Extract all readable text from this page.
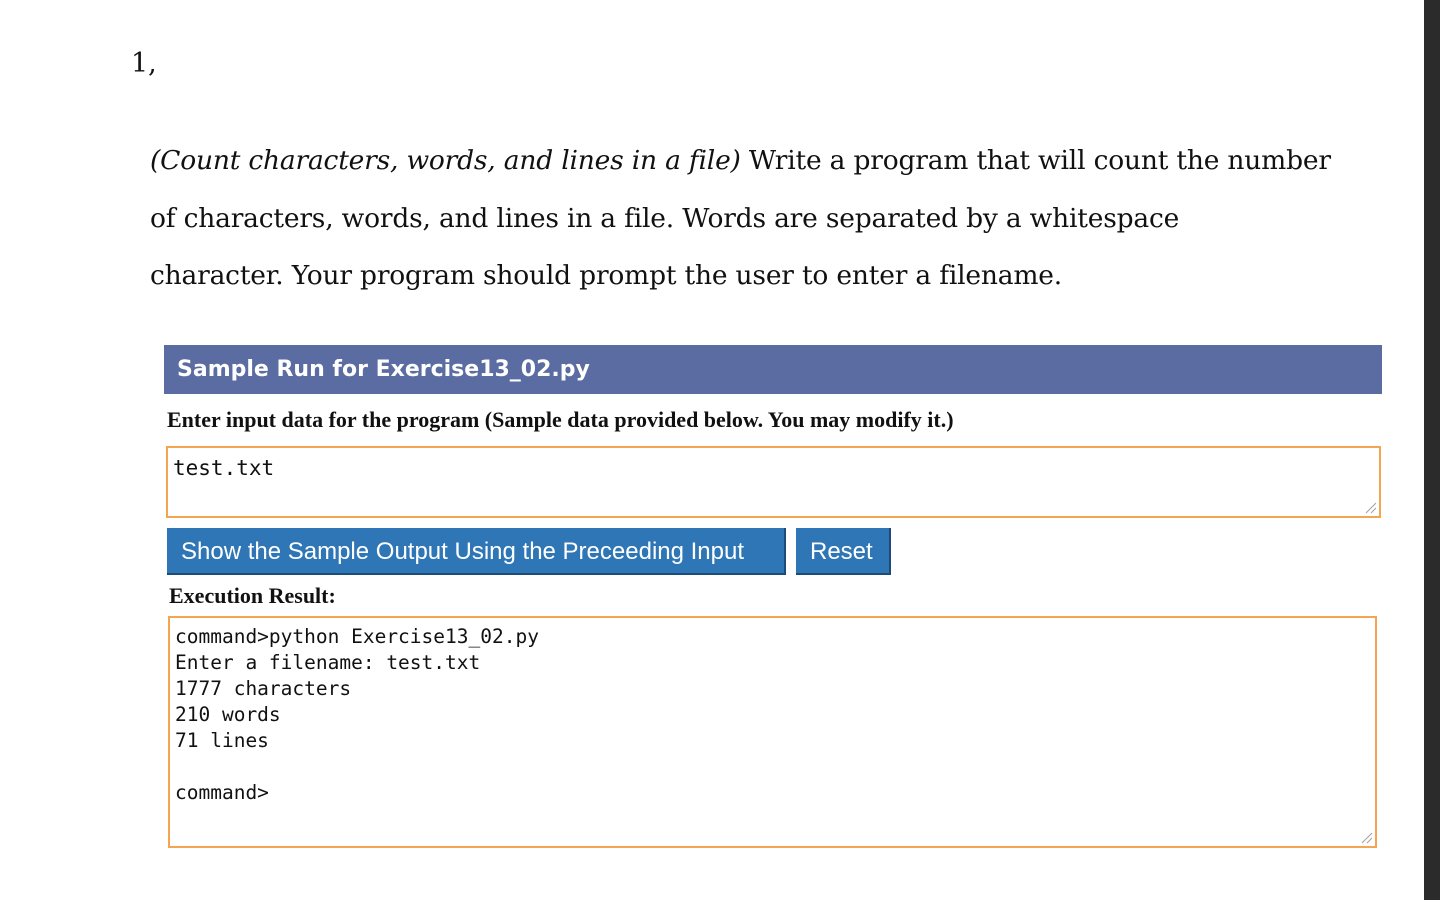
1,
(Count characters, words, and lines in a file) Write a program that will count the number
of characters, words, and lines in a file. Words are separated by a whitespace
character. Your program should prompt the user to enter a filename.
Sample Run for Exercise13_02.py
Enter input data for the program (Sample data provided below. You may modify it.)
test.txt

Show the Sample Output Using the Preceeding Input	Reset
Execution Result:
command>python Exercise13_02.py
Enter a filename: test.txt
1777 characters
210 words
71 lines
command>
